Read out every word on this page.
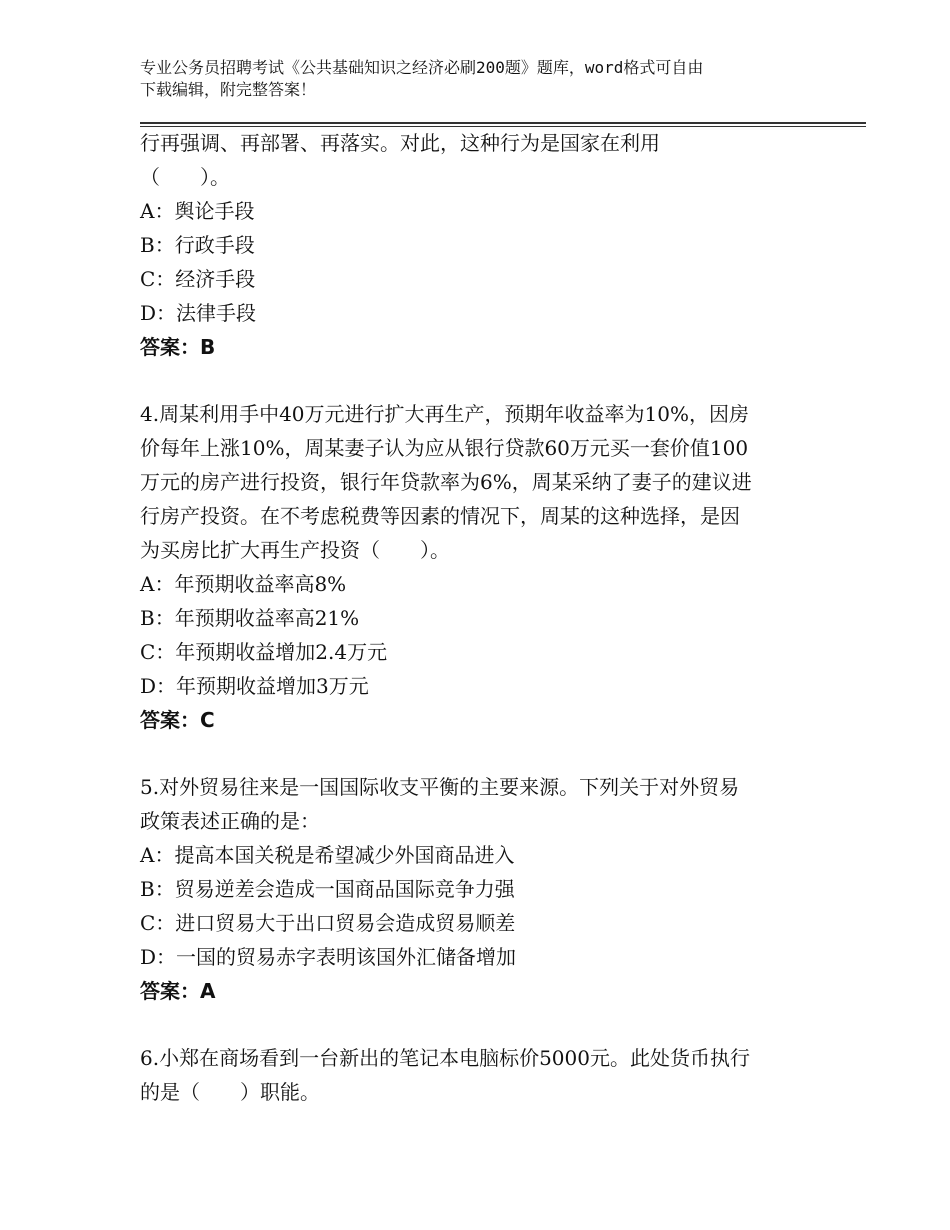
专业公务员招聘考试《公共基础知识之经济必刷200题》题库，word格式可自由
下载编辑，附完整答案！
行再强调、再部署、再落实。对此，这种行为是国家在利用
（　　）。
A：舆论手段
B：行政手段
C：经济手段
D：法律手段
答案：B
4.周某利用手中40万元进行扩大再生产，预期年收益率为10%，因房
价每年上涨10%，周某妻子认为应从银行贷款60万元买一套价值100
万元的房产进行投资，银行年贷款率为6%，周某采纳了妻子的建议进
行房产投资。在不考虑税费等因素的情况下，周某的这种选择，是因
为买房比扩大再生产投资（　　）。
A：年预期收益率高8%
B：年预期收益率高21%
C：年预期收益增加2.4万元
D：年预期收益增加3万元
答案：C
5.对外贸易往来是一国国际收支平衡的主要来源。下列关于对外贸易
政策表述正确的是：
A：提高本国关税是希望减少外国商品进入
B：贸易逆差会造成一国商品国际竞争力强
C：进口贸易大于出口贸易会造成贸易顺差
D：一国的贸易赤字表明该国外汇储备增加
答案：A
6.小郑在商场看到一台新出的笔记本电脑标价5000元。此处货币执行
的是（　　）职能。
